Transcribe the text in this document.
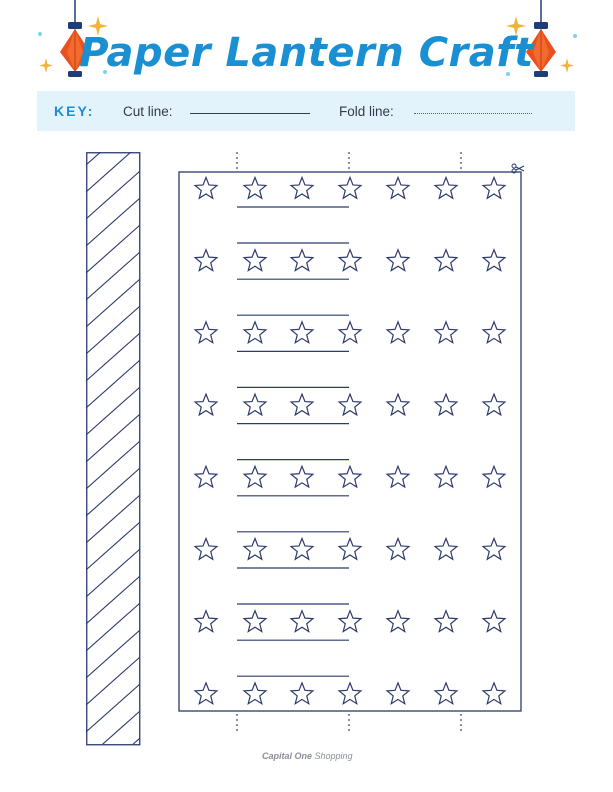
Paper Lantern Craft
KEY: Cut line:	Fold line:
Capital One Shopping
